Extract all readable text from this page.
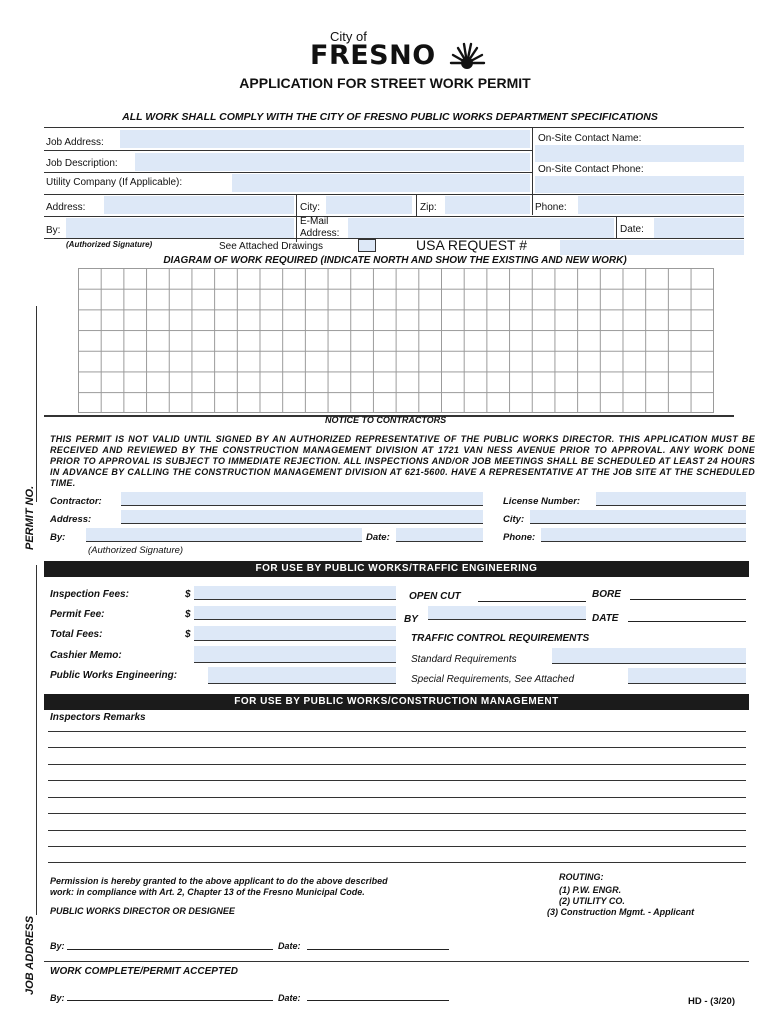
City of
FRESNO
APPLICATION FOR STREET WORK PERMIT
ALL WORK SHALL COMPLY WITH THE CITY OF FRESNO PUBLIC WORKS DEPARTMENT SPECIFICATIONS
Job Address:	On-Site Contact Name:
Job Description:
On-Site Contact Phone:
Utility Company (If Applicable):
Address:	City:	Zip:	Phone:
By:
E-Mail
Address:	Date:
(Authorized Signature)	See Attached Drawings	USA REQUEST #
DIAGRAM OF WORK REQUIRED (INDICATE NORTH AND SHOW THE EXISTING AND NEW WORK)
PERMIT NO.
JOB ADDRESS
NOTICE TO CONTRACTORS
THIS PERMIT IS NOT VALID UNTIL SIGNED BY AN AUTHORIZED REPRESENTATIVE OF THE PUBLIC WORKS DIRECTOR. THIS APPLICATION MUST BE RECEIVED AND REVIEWED BY THE CONSTRUCTION MANAGEMENT DIVISION AT 1721 VAN NESS AVENUE PRIOR TO APPROVAL. ANY WORK DONE PRIOR TO APPROVAL IS SUBJECT TO IMMEDIATE REJECTION. ALL INSPECTIONS AND/OR JOB MEETINGS SHALL BE SCHEDULED AT LEAST 24 HOURS IN ADVANCE BY CALLING THE CONSTRUCTION MANAGEMENT DIVISION AT 621-5600. HAVE A REPRESENTATIVE AT THE JOB SITE AT THE SCHEDULED TIME.
Contractor:	License Number:
Address:	City:
By:	Date:	Phone:
(Authorized Signature)
FOR USE BY PUBLIC WORKS/TRAFFIC ENGINEERING
Inspection Fees:	$	OPEN CUT	BORE
Permit Fee:	$	BY	DATE
Total Fees:	$	TRAFFIC CONTROL REQUIREMENTS
Cashier Memo:	Standard Requirements
Public Works Engineering:	Special Requirements, See Attached
FOR USE BY PUBLIC WORKS/CONSTRUCTION MANAGEMENT
Inspectors Remarks
Permission is hereby granted to the above applicant to do the above described
work: in compliance with Art. 2, Chapter 13 of the Fresno Municipal Code.
PUBLIC WORKS DIRECTOR OR DESIGNEE
ROUTING:
(1) P.W. ENGR.
(2) UTILITY CO.
(3) Construction Mgmt. - Applicant
By:	Date:
WORK COMPLETE/PERMIT ACCEPTED
By:	Date:	HD - (3/20)
